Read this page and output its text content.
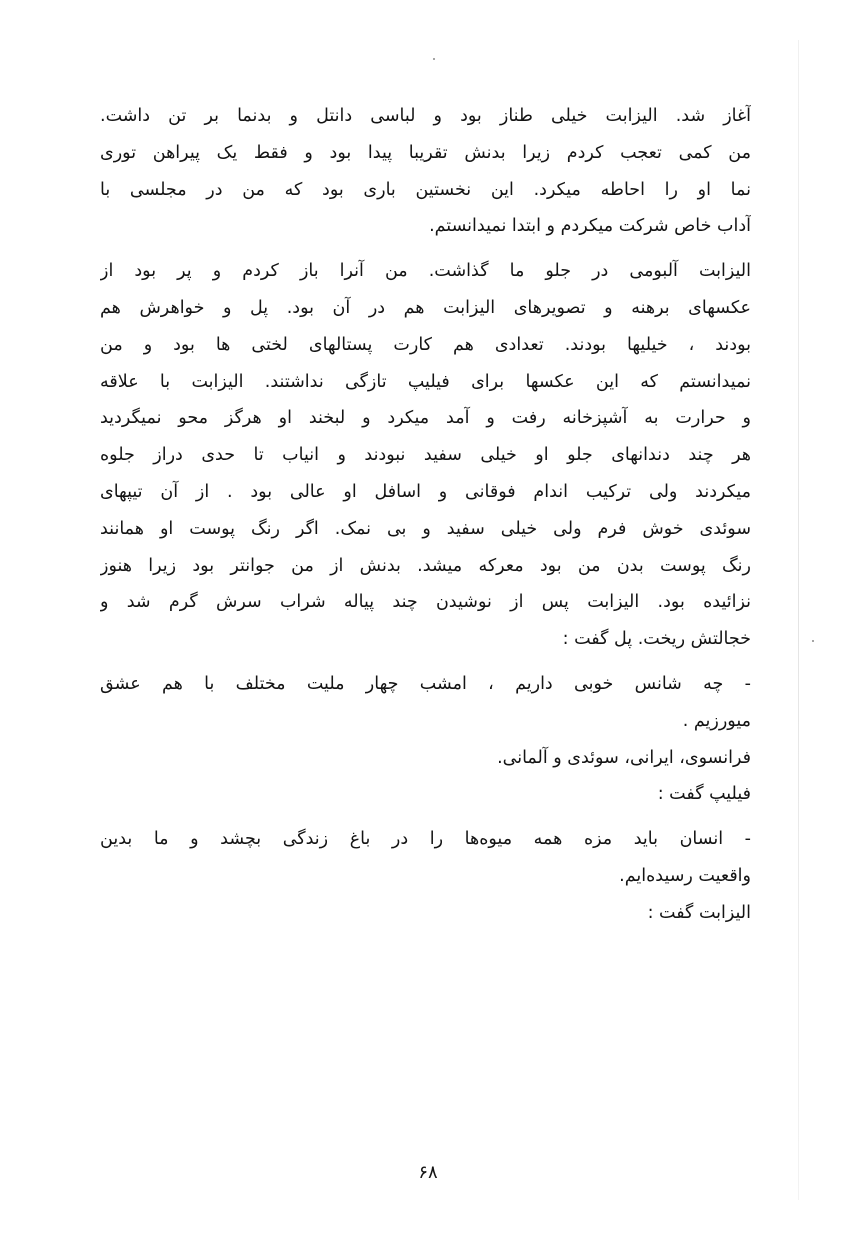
آغاز شد. الیزابت خیلی طناز بود و لباسی دانتل و بدنما بر تن داشت.
من کمی تعجب کردم زیرا بدنش تقریبا پیدا بود و فقط یک پیراهن توری
نما او را احاطه میکرد. این نخستین باری بود که من در مجلسی با
آداب خاص شرکت میکردم و ابتدا نمیدانستم.
الیزابت آلبومی در جلو ما گذاشت. من آنرا باز کردم و پر بود از
عکسهای برهنه و تصویرهای الیزابت هم در آن بود. پل و خواهرش هم
بودند ، خیلیها بودند. تعدادی هم کارت پستالهای لختی ها بود و من
نمیدانستم که این عکسها برای فیلیپ تازگی نداشتند. الیزابت با علاقه
و حرارت به آشپزخانه رفت و آمد میکرد و لبخند او هرگز محو نمیگردید
هر چند دندانهای جلو او خیلی سفید نبودند و انیاب تا حدی دراز جلوه
میکردند ولی ترکیب اندام فوقانی و اسافل او عالی بود . از آن تیپهای
سوئدی خوش فرم ولی خیلی سفید و بی نمک. اگر رنگ پوست او همانند
رنگ پوست بدن من بود معرکه میشد. بدنش از من جوانتر بود زیرا هنوز
نزائیده بود. الیزابت پس از نوشیدن چند پیاله شراب سرش گرم شد و
خجالتش ریخت. پل گفت :
- چه شانس خوبی داریم ، امشب چهار ملیت مختلف با هم عشق
میورزیم .
فرانسوی، ایرانی، سوئدی و آلمانی.
فیلیپ گفت :
- انسان باید مزه همه میوه‌ها را در باغ زندگی بچشد و ما بدین
واقعیت رسیده‌ایم.
الیزابت گفت :
۶۸
